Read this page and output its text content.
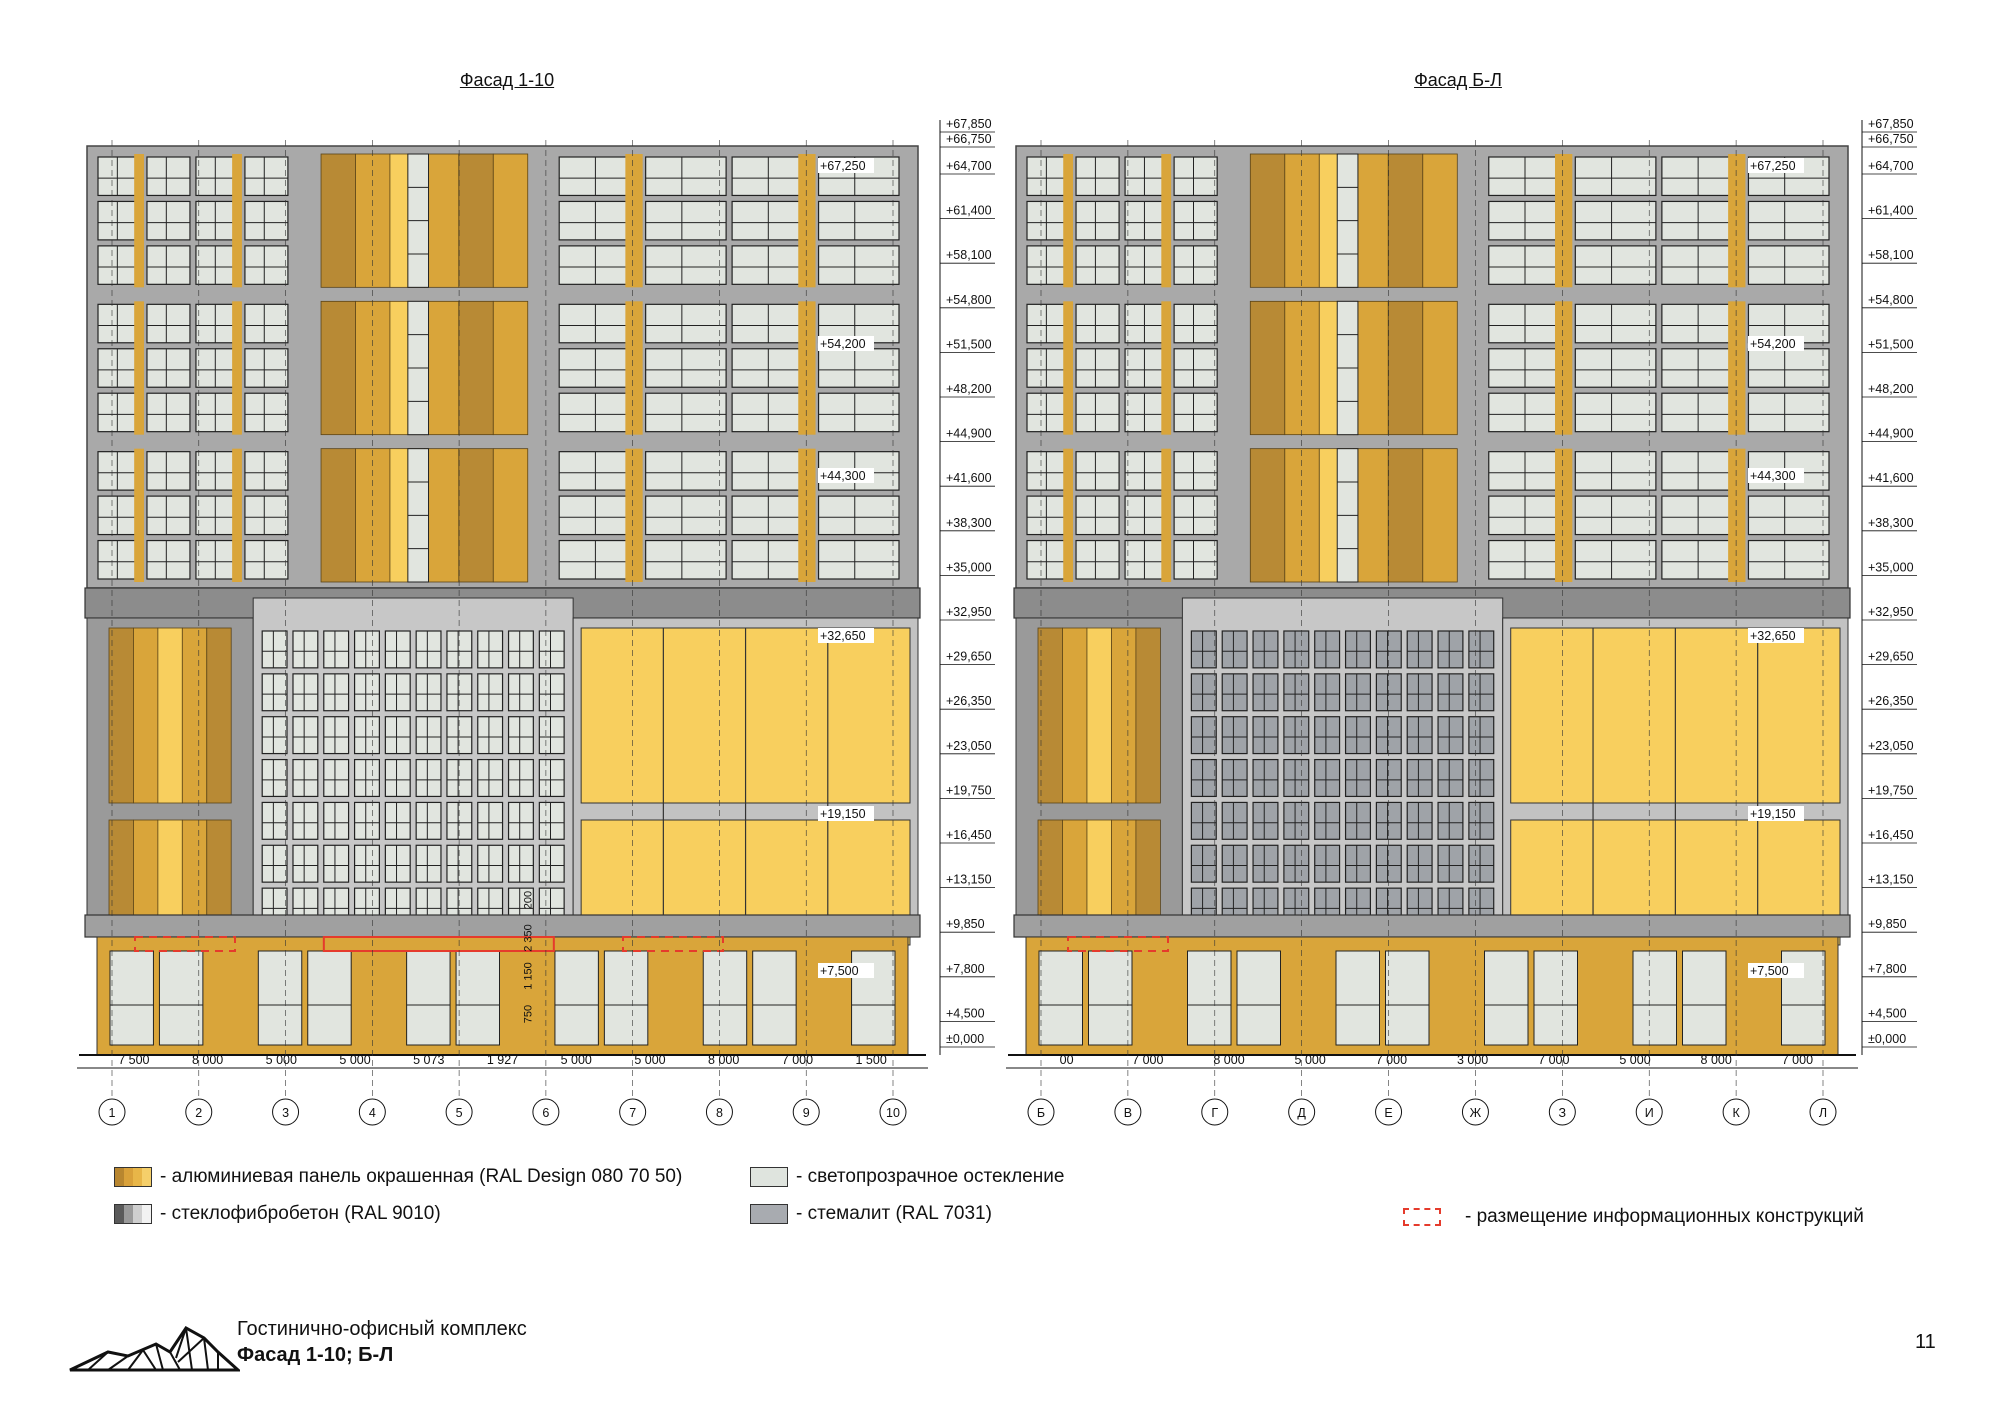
Фасад 1-10	Фасад Б-Л
+67,850
+66,750
+64,700
+61,400
+58,100
+54,800
+51,500
+48,200
+44,900
+41,600
+38,300
+35,000
+32,950
+29,650
+26,350
+23,050
+19,750
+16,450
+13,150
+9,850
+7,800
+4,500
±0,000
+67,250
+54,200
+44,300
+32,650
+19,150
+7,500
1	2	3	4	5	6	7	8	9	10
7 500	8 000	5 000	5 000	5 073	1 927	5 000	5 000	8 000	7 000	1 500
200
2 350
1 150
750
+67,850
+66,750
+64,700
+61,400
+58,100
+54,800
+51,500
+48,200
+44,900
+41,600
+38,300
+35,000
+32,950
+29,650
+26,350
+23,050
+19,750
+16,450
+13,150
+9,850
+7,800
+4,500
±0,000
+67,250
+54,200
+44,300
+32,650
+19,150
+7,500
Б	В	Г	Д	Е	Ж	З	И	К	Л
00	7 000	8 000	5 000	7 000	3 000	7 000	5 000	8 000	7 000
- алюминиевая панель окрашенная (RAL Design 080 70 50)
- стеклофибробетон (RAL 9010)
- светопрозрачное остекление
- стемалит (RAL 7031)	- размещение информационных конструкций
Гостинично-офисный комплекс
Фасад 1-10; Б-Л
11
